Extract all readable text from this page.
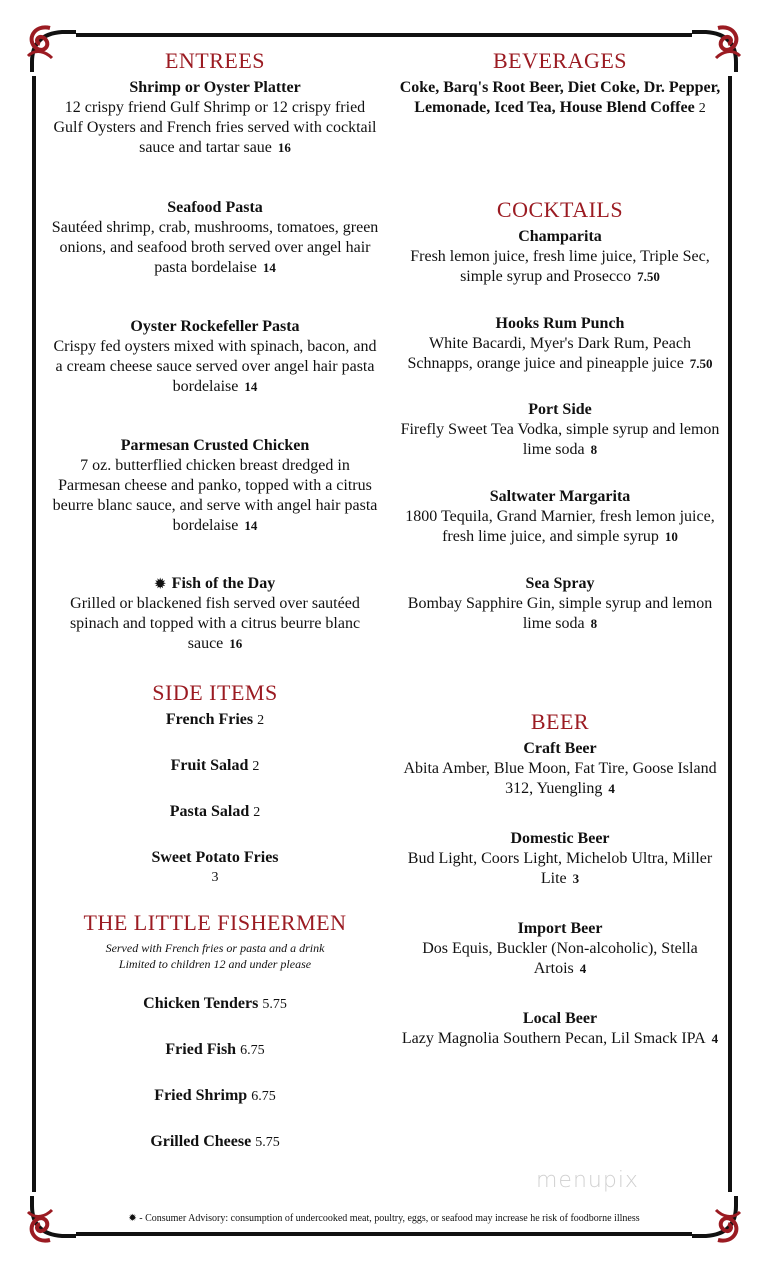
ENTREES
Shrimp or Oyster Platter
12 crispy friend Gulf Shrimp or 12 crispy fried Gulf Oysters and French fries served with cocktail sauce and tartar saue 16
Seafood Pasta
Sautéed shrimp, crab, mushrooms, tomatoes, green onions, and seafood broth served over angel hair pasta bordelaise 14
Oyster Rockefeller Pasta
Crispy fed oysters mixed with spinach, bacon, and a cream cheese sauce served over angel hair pasta bordelaise 14
Parmesan Crusted Chicken
7 oz. butterflied chicken breast dredged in Parmesan cheese and panko, topped with a citrus beurre blanc sauce, and serve with angel hair pasta bordelaise 14
✹ Fish of the Day
Grilled or blackened fish served over sautéed spinach and topped with a citrus beurre blanc sauce 16
SIDE ITEMS
French Fries 2
Fruit Salad 2
Pasta Salad 2
Sweet Potato Fries
3
THE LITTLE FISHERMEN
Served with French fries or pasta and a drink
Limited to children 12 and under please
Chicken Tenders 5.75
Fried Fish 6.75
Fried Shrimp 6.75
Grilled Cheese 5.75
BEVERAGES
Coke, Barq's Root Beer, Diet Coke, Dr. Pepper, Lemonade, Iced Tea, House Blend Coffee 2
COCKTAILS
Champarita
Fresh lemon juice, fresh lime juice, Triple Sec, simple syrup and Prosecco 7.50
Hooks Rum Punch
White Bacardi, Myer's Dark Rum, Peach Schnapps, orange juice and pineapple juice 7.50
Port Side
Firefly Sweet Tea Vodka, simple syrup and lemon lime soda 8
Saltwater Margarita
1800 Tequila, Grand Marnier, fresh lemon juice, fresh lime juice, and simple syrup 10
Sea Spray
Bombay Sapphire Gin, simple syrup and lemon lime soda 8
BEER
Craft Beer
Abita Amber, Blue Moon, Fat Tire, Goose Island 312, Yuengling 4
Domestic Beer
Bud Light, Coors Light, Michelob Ultra, Miller Lite 3
Import Beer
Dos Equis, Buckler (Non-alcoholic), Stella Artois 4
Local Beer
Lazy Magnolia Southern Pecan, Lil Smack IPA 4
menupix
✹ - Consumer Advisory: consumption of undercooked meat, poultry, eggs, or seafood may increase he risk of foodborne illness
